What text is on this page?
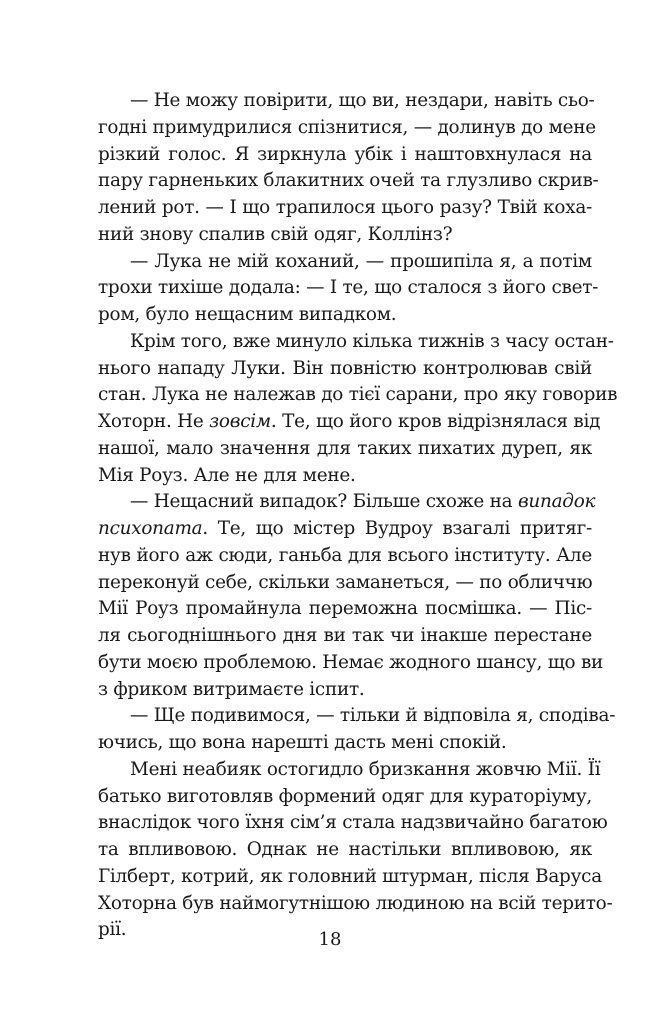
— Не можу повірити, що ви, нездари, навіть сьо-
годні примудрилися спізнитися, — долинув до мене
різкий голос. Я зиркнула убік і наштовхнулася на
пару гарненьких блакитних очей та глузливо скрив-
лений рот. — І що трапилося цього разу? Твій коха-
ний знову спалив свій одяг, Коллінз?
— Лука не мій коханий, — прошипіла я, а потім
трохи тихіше додала: — І те, що сталося з його свет-
ром, було нещасним випадком.
Крім того, вже минуло кілька тижнів з часу остан-
нього нападу Луки. Він повністю контролював свій
стан. Лука не належав до тієї сарани, про яку говорив
Хоторн. Не зовсім. Те, що його кров відрізнялася від
нашої, мало значення для таких пихатих дуреп, як
Мія Роуз. Але не для мене.
— Нещасний випадок? Більше схоже на випадок
психопата. Те, що містер Вудроу взагалі притяг-
нув його аж сюди, ганьба для всього інституту. Але
переконуй себе, скільки заманеться, — по обличчю
Мії Роуз промайнула переможна посмішка. — Піс-
ля сьогоднішнього дня ви так чи інакше перестане
бути моєю проблемою. Немає жодного шансу, що ви
з фриком витримаєте іспит.
— Ще подивимося, — тільки й відповіла я, сподіва-
ючись, що вона нарешті дасть мені спокій.
Мені неабияк остогидло бризкання жовчю Мії. Її
батько виготовляв формений одяг для кураторіуму,
внаслідок чого їхня сім’я стала надзвичайно багатою
та впливовою. Однак не настільки впливовою, як
Гілберт, котрий, як головний штурман, після Варуса
Хоторна був наймогутнішою людиною на всій терито-
рії.	18
